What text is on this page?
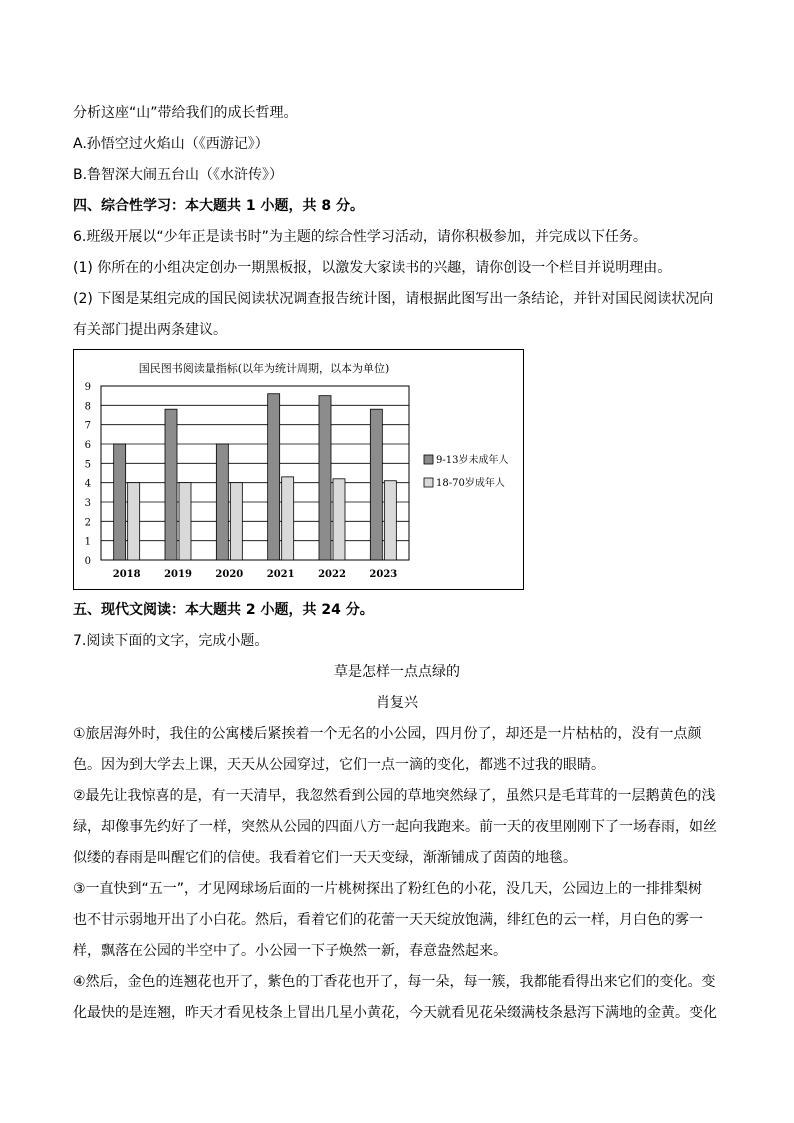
分析这座“山”带给我们的成长哲理。
A.孙悟空过火焰山（《西游记》）
B.鲁智深大闹五台山（《水浒传》）
四、综合性学习：本大题共 1 小题，共 8 分。
6.班级开展以“少年正是读书时”为主题的综合性学习活动，请你积极参加，并完成以下任务。
(1) 你所在的小组决定创办一期黑板报，以激发大家读书的兴趣，请你创设一个栏目并说明理由。
(2) 下图是某组完成的国民阅读状况调查报告统计图，请根据此图写出一条结论，并针对国民阅读状况向
有关部门提出两条建议。
国民图书阅读量指标(以年为统计周期，以本为单位)
0
1
2
3
4
5
6
7
8
9
2018 2019 2020 2021 2022 2023
9-13岁未成年人
18-70岁成年人
五、现代文阅读：本大题共 2 小题，共 24 分。
7.阅读下面的文字，完成小题。
草是怎样一点点绿的
肖复兴
①旅居海外时，我住的公寓楼后紧挨着一个无名的小公园，四月份了，却还是一片枯枯的，没有一点颜
色。因为到大学去上课，天天从公园穿过，它们一点一滴的变化，都逃不过我的眼睛。
②最先让我惊喜的是，有一天清早，我忽然看到公园的草地突然绿了，虽然只是毛茸茸的一层鹅黄色的浅
绿，却像事先约好了一样，突然从公园的四面八方一起向我跑来。前一天的夜里刚刚下了一场春雨，如丝
似缕的春雨是叫醒它们的信使。我看着它们一天天变绿，渐渐铺成了茵茵的地毯。
③一直快到“五一”，才见网球场后面的一片桃树探出了粉红色的小花，没几天，公园边上的一排排梨树
也不甘示弱地开出了小白花。然后，看着它们的花蕾一天天绽放饱满，绯红色的云一样，月白色的雾一
样，飘落在公园的半空中了。小公园一下子焕然一新，春意盎然起来。
④然后，金色的连翘花也开了，紫色的丁香花也开了，每一朵，每一簇，我都能看得出来它们的变化。变
化最快的是连翘，昨天才看见枝条上冒出几星小黄花，今天就看见花朵缀满枝条悬泻下满地的金黄。变化
